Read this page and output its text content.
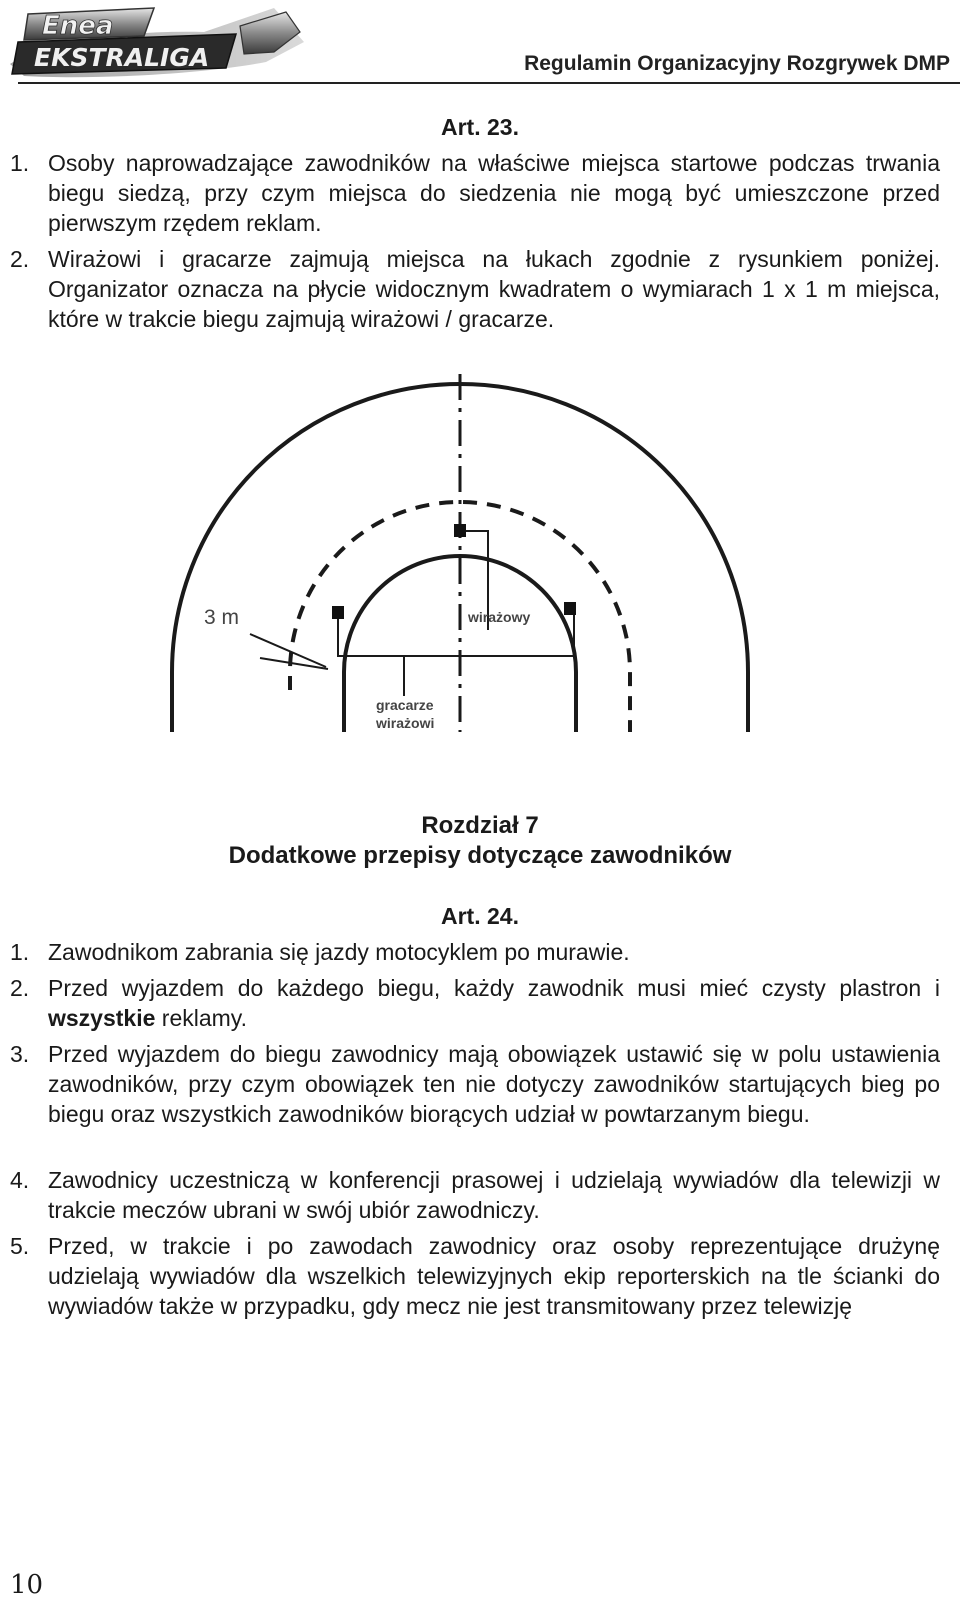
Enea
EKSTRALIGA	Regulamin Organizacyjny Rozgrywek DMP
Art. 23.
1. Osoby naprowadzające zawodników na właściwe miejsca startowe podczas trwania biegu siedzą, przy czym miejsca do siedzenia nie mogą być umieszczone przed pierwszym rzędem reklam.
2. Wirażowi i gracarze zajmują miejsca na łukach zgodnie z rysunkiem poniżej. Organizator oznacza na płycie widocznym kwadratem o wymiarach 1 x 1 m miejsca, które w trakcie biegu zajmują wirażowi / gracarze.
3 m	wirażowy
gracarze
wirażowi
Rozdział 7
Dodatkowe przepisy dotyczące zawodników
Art. 24.
1. Zawodnikom zabrania się jazdy motocyklem po murawie.
2. Przed wyjazdem do każdego biegu, każdy zawodnik musi mieć czysty plastron i wszystkie reklamy.
3. Przed wyjazdem do biegu zawodnicy mają obowiązek ustawić się w polu ustawienia zawodników, przy czym obowiązek ten nie dotyczy zawodników startujących bieg po biegu oraz wszystkich zawodników biorących udział w powtarzanym biegu.
4. Zawodnicy uczestniczą w konferencji prasowej i udzielają wywiadów dla telewizji w trakcie meczów ubrani w swój ubiór zawodniczy.
5. Przed, w trakcie i po zawodach zawodnicy oraz osoby reprezentujące drużynę udzielają wywiadów dla wszelkich telewizyjnych ekip reporterskich na tle ścianki do wywiadów także w przypadku, gdy mecz nie jest transmitowany przez telewizję
10
